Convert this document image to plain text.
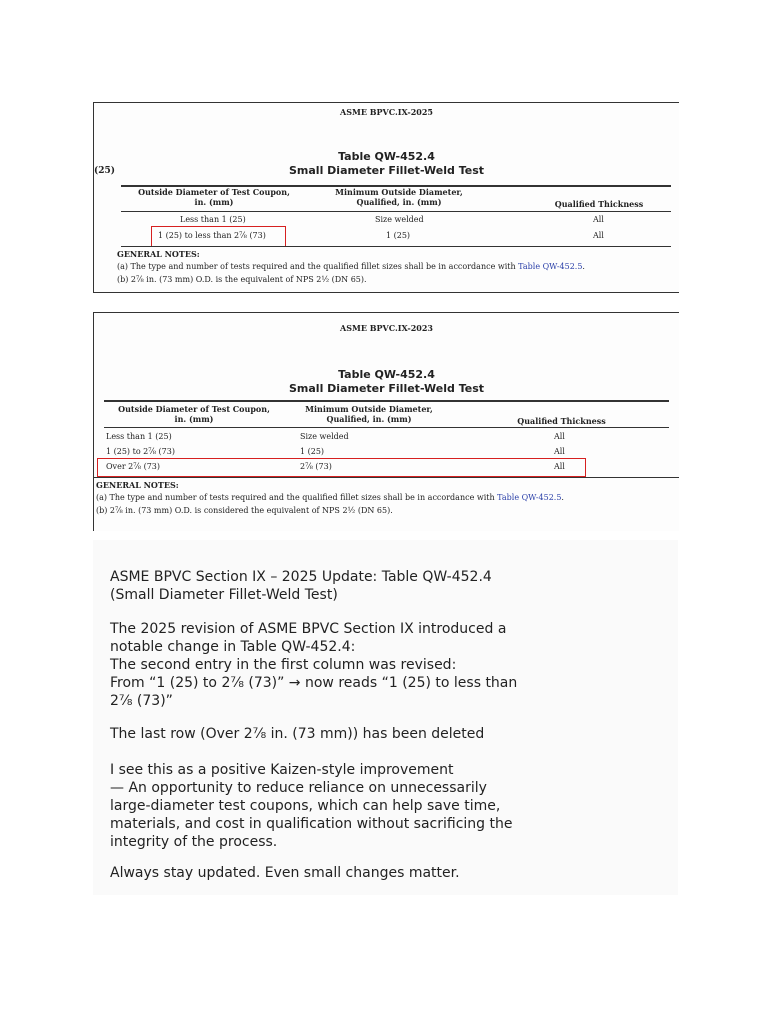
ASME BPVC.IX-2025
(25)
Table QW-452.4
Small Diameter Fillet-Weld Test
Outside Diameter of Test Coupon,
in. (mm)
Minimum Outside Diameter,
Qualified, in. (mm)	Qualified Thickness
Less than 1 (25)	Size welded	All
1 (25) to less than 2⅞ (73)	1 (25)	All
GENERAL NOTES:
(a) The type and number of tests required and the qualified fillet sizes shall be in accordance with Table QW-452.5.
(b) 2⅞ in. (73 mm) O.D. is the equivalent of NPS 2½ (DN 65).
ASME BPVC.IX-2023
Table QW-452.4
Small Diameter Fillet-Weld Test
Outside Diameter of Test Coupon,
in. (mm)
Minimum Outside Diameter,
Qualified, in. (mm)	Qualified Thickness
Less than 1 (25)	Size welded	All
1 (25) to 2⅞ (73)	1 (25)	All
Over 2⅞ (73)	2⅞ (73)	All
GENERAL NOTES:
(a) The type and number of tests required and the qualified fillet sizes shall be in accordance with Table QW-452.5.
(b) 2⅞ in. (73 mm) O.D. is considered the equivalent of NPS 2½ (DN 65).
ASME BPVC Section IX – 2025 Update: Table QW-452.4
(Small Diameter Fillet-Weld Test)
The 2025 revision of ASME BPVC Section IX introduced a
notable change in Table QW-452.4:
The second entry in the first column was revised:
From “1 (25) to 2⅞ (73)” → now reads “1 (25) to less than
2⅞ (73)”
The last row (Over 2⅞ in. (73 mm)) has been deleted
I see this as a positive Kaizen-style improvement
— An opportunity to reduce reliance on unnecessarily
large-diameter test coupons, which can help save time,
materials, and cost in qualification without sacrificing the
integrity of the process.
Always stay updated. Even small changes matter.
